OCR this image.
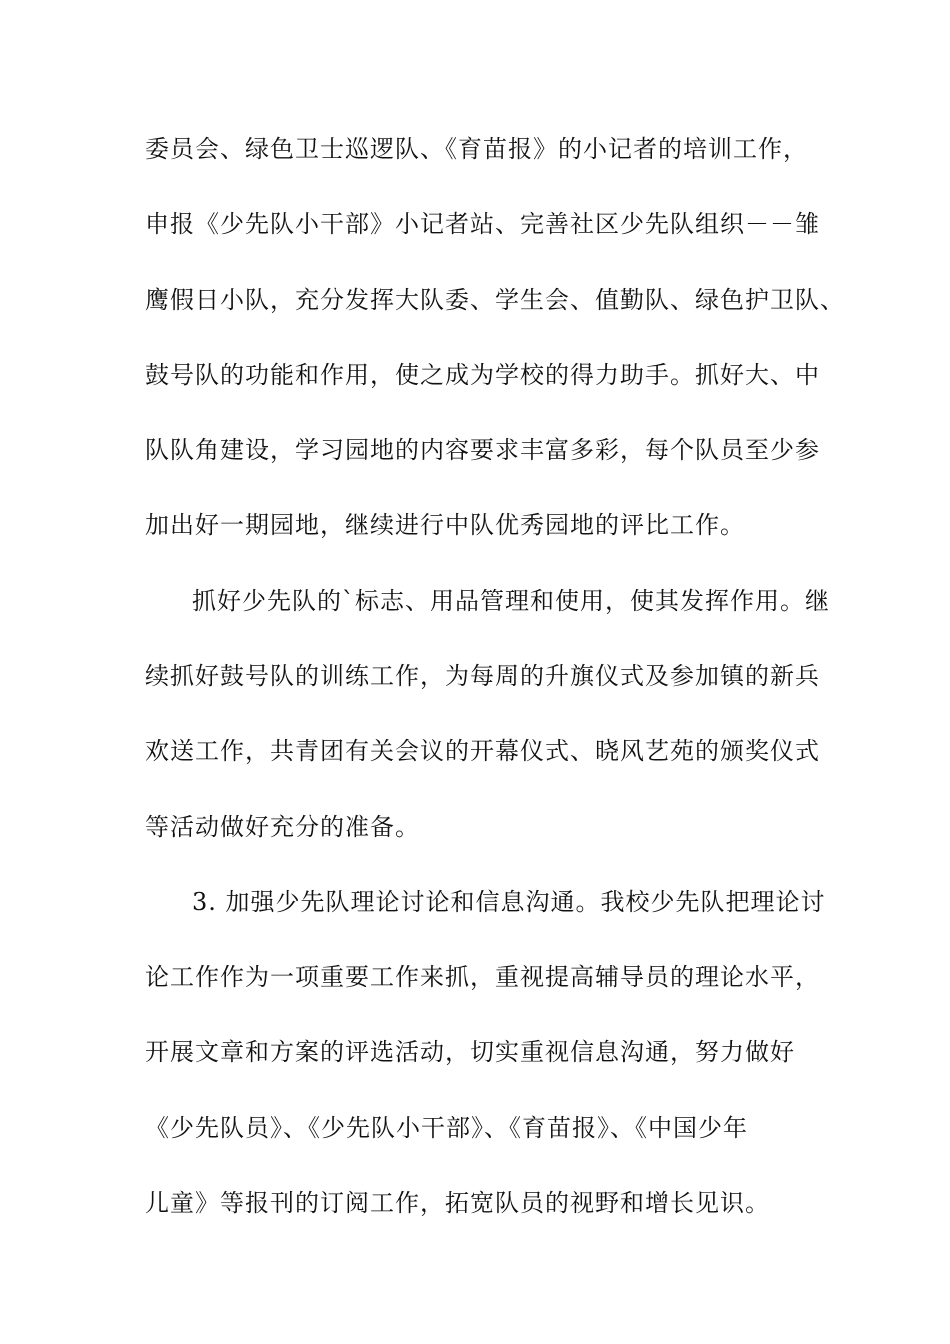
委员会、绿色卫士巡逻队、《育苗报》的小记者的培训工作，
申报《少先队小干部》小记者站、完善社区少先队组织－－雏
鹰假日小队，充分发挥大队委、学生会、值勤队、绿色护卫队、
鼓号队的功能和作用，使之成为学校的得力助手。抓好大、中
队队角建设，学习园地的内容要求丰富多彩，每个队员至少参
加出好一期园地，继续进行中队优秀园地的评比工作。
抓好少先队的`标志、用品管理和使用，使其发挥作用。继
续抓好鼓号队的训练工作，为每周的升旗仪式及参加镇的新兵
欢送工作，共青团有关会议的开幕仪式、晓风艺苑的颁奖仪式
等活动做好充分的准备。
3. 加强少先队理论讨论和信息沟通。我校少先队把理论讨
论工作作为一项重要工作来抓，重视提高辅导员的理论水平，
开展文章和方案的评选活动，切实重视信息沟通，努力做好
《少先队员》、《少先队小干部》、《育苗报》、《中国少年
儿童》等报刊的订阅工作，拓宽队员的视野和增长见识。
